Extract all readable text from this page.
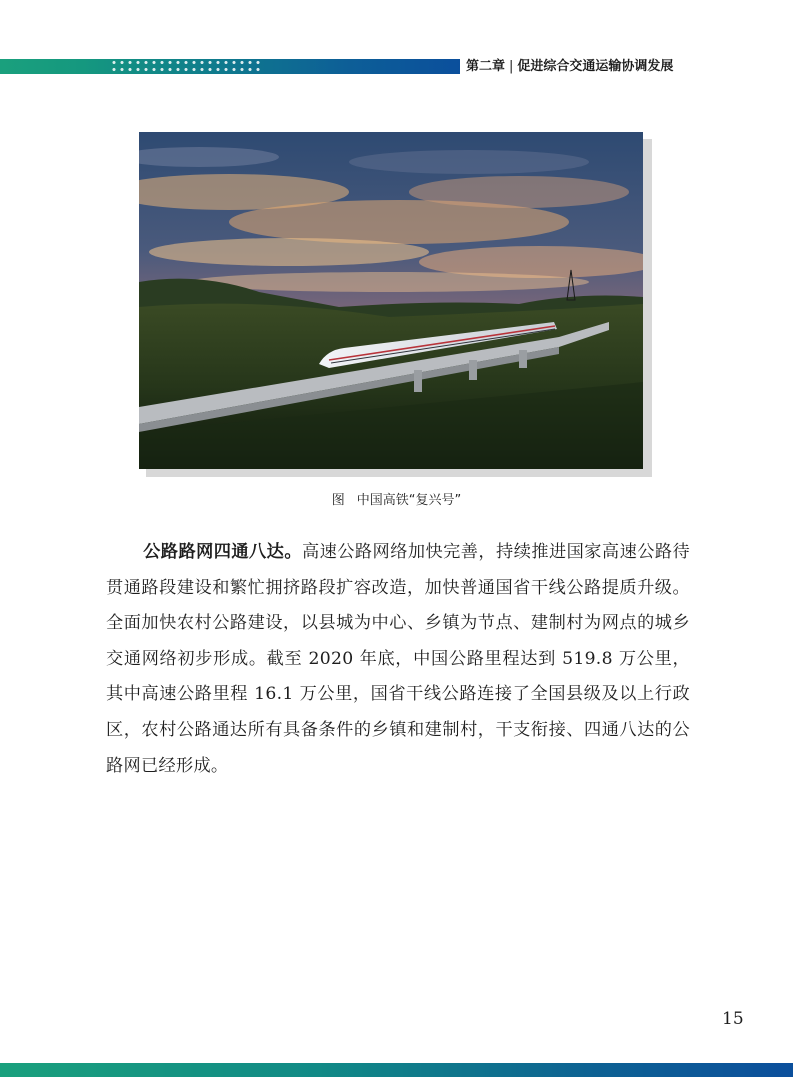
第二章 | 促进综合交通运输协调发展
图 中国高铁“复兴号”
公路路网四通八达。高速公路网络加快完善，持续推进国家高速公路待贯通路段建设和繁忙拥挤路段扩容改造，加快普通国省干线公路提质升级。全面加快农村公路建设，以县城为中心、乡镇为节点、建制村为网点的城乡交通网络初步形成。截至 2020 年底，中国公路里程达到 519.8 万公里，其中高速公路里程 16.1 万公里，国省干线公路连接了全国县级及以上行政区，农村公路通达所有具备条件的乡镇和建制村，干支衔接、四通八达的公路网已经形成。
15
